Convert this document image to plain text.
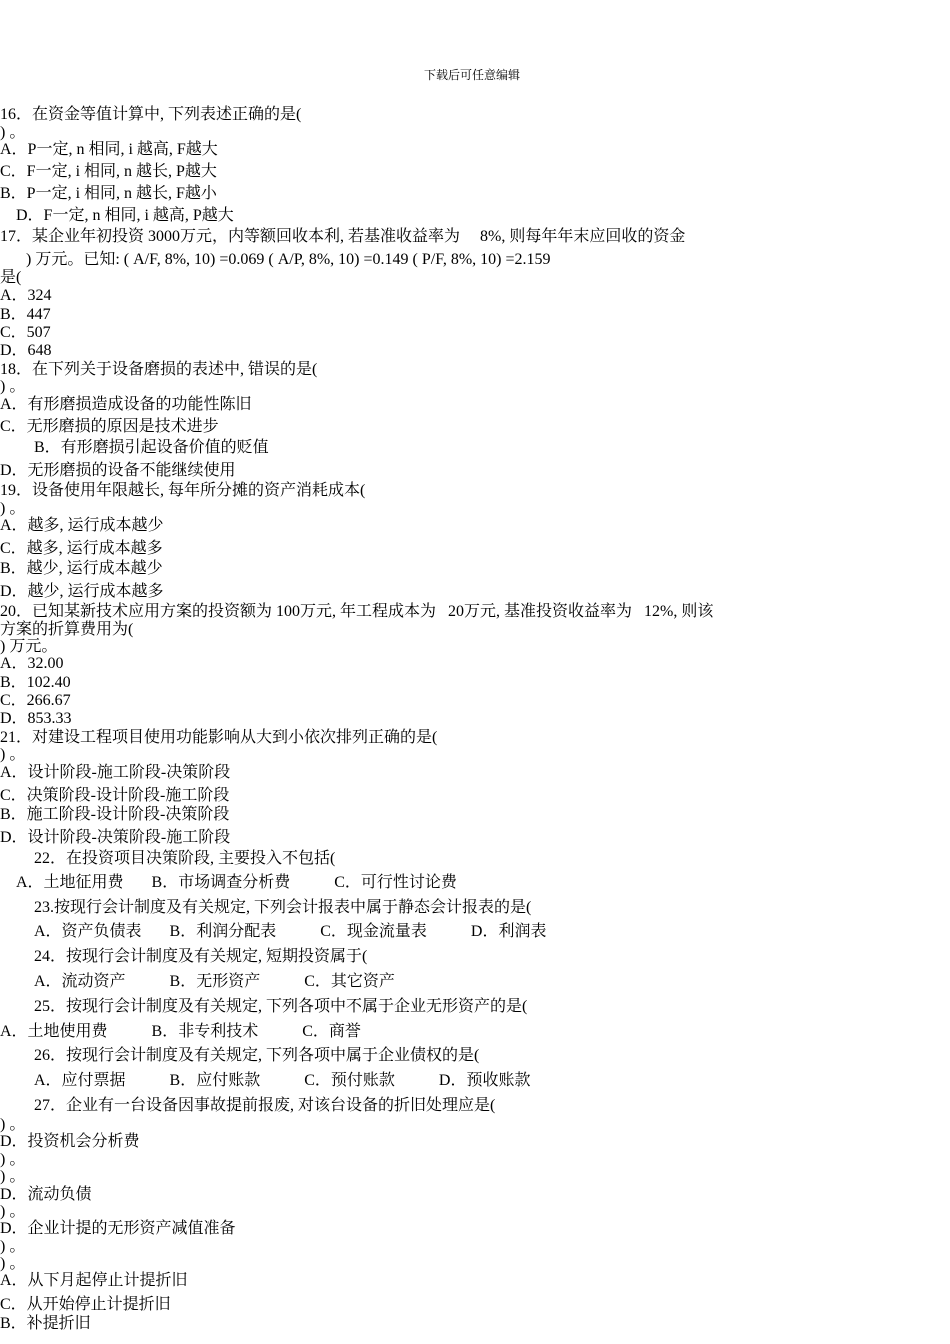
下载后可任意编辑
16．在资金等值计算中, 下列表述正确的是(
) 。
A．P一定, n 相同, i 越高, F越大
C．F一定, i 相同, n 越长, P越大
B．P一定, i 相同, n 越长, F越小
D．F一定, n 相同, i 越高, P越大
17．某企业年初投资 3000万元，内等额回收本利, 若基准收益率为     8%, 则每年年末应回收的资金
) 万元。已知: ( A/F, 8%, 10) =0.069 ( A/P, 8%, 10) =0.149 ( P/F, 8%, 10) =2.159
是(
A．324
B．447
C．507
D．648
18．在下列关于设备磨损的表述中, 错误的是(
) 。
A．有形磨损造成设备的功能性陈旧
C．无形磨损的原因是技术进步
B．有形磨损引起设备价值的贬值
D．无形磨损的设备不能继续使用
19．设备使用年限越长, 每年所分摊的资产消耗成本(
) 。
A．越多, 运行成本越少
C．越多, 运行成本越多
B．越少, 运行成本越少
D．越少, 运行成本越多
20．已知某新技术应用方案的投资额为 100万元, 年工程成本为   20万元, 基准投资收益率为   12%, 则该
方案的折算费用为(
) 万元。
A．32.00
B．102.40
C．266.67
D．853.33
21．对建设工程项目使用功能影响从大到小依次排列正确的是(
) 。
A．设计阶段-施工阶段-决策阶段
C．决策阶段-设计阶段-施工阶段
B．施工阶段-设计阶段-决策阶段
D．设计阶段-决策阶段-施工阶段
22．在投资项目决策阶段, 主要投入不包括(
A．土地征用费       B．市场调查分析费           C．可行性讨论费
23.按现行会计制度及有关规定, 下列会计报表中属于静态会计报表的是(
A．资产负债表       B．利润分配表           C．现金流量表           D．利润表
24．按现行会计制度及有关规定, 短期投资属于(
A．流动资产           B．无形资产           C．其它资产
25．按现行会计制度及有关规定, 下列各项中不属于企业无形资产的是(
A．土地使用费           B．非专利技术           C．商誉
26．按现行会计制度及有关规定, 下列各项中属于企业债权的是(
A．应付票据           B．应付账款           C．预付账款           D．预收账款
27．企业有一台设备因事故提前报废, 对该台设备的折旧处理应是(
) 。
D．投资机会分析费
) 。
) 。
D．流动负债
) 。
D．企业计提的无形资产减值准备
) 。
) 。
A．从下月起停止计提折旧
C．从开始停止计提折旧
B．补提折旧
